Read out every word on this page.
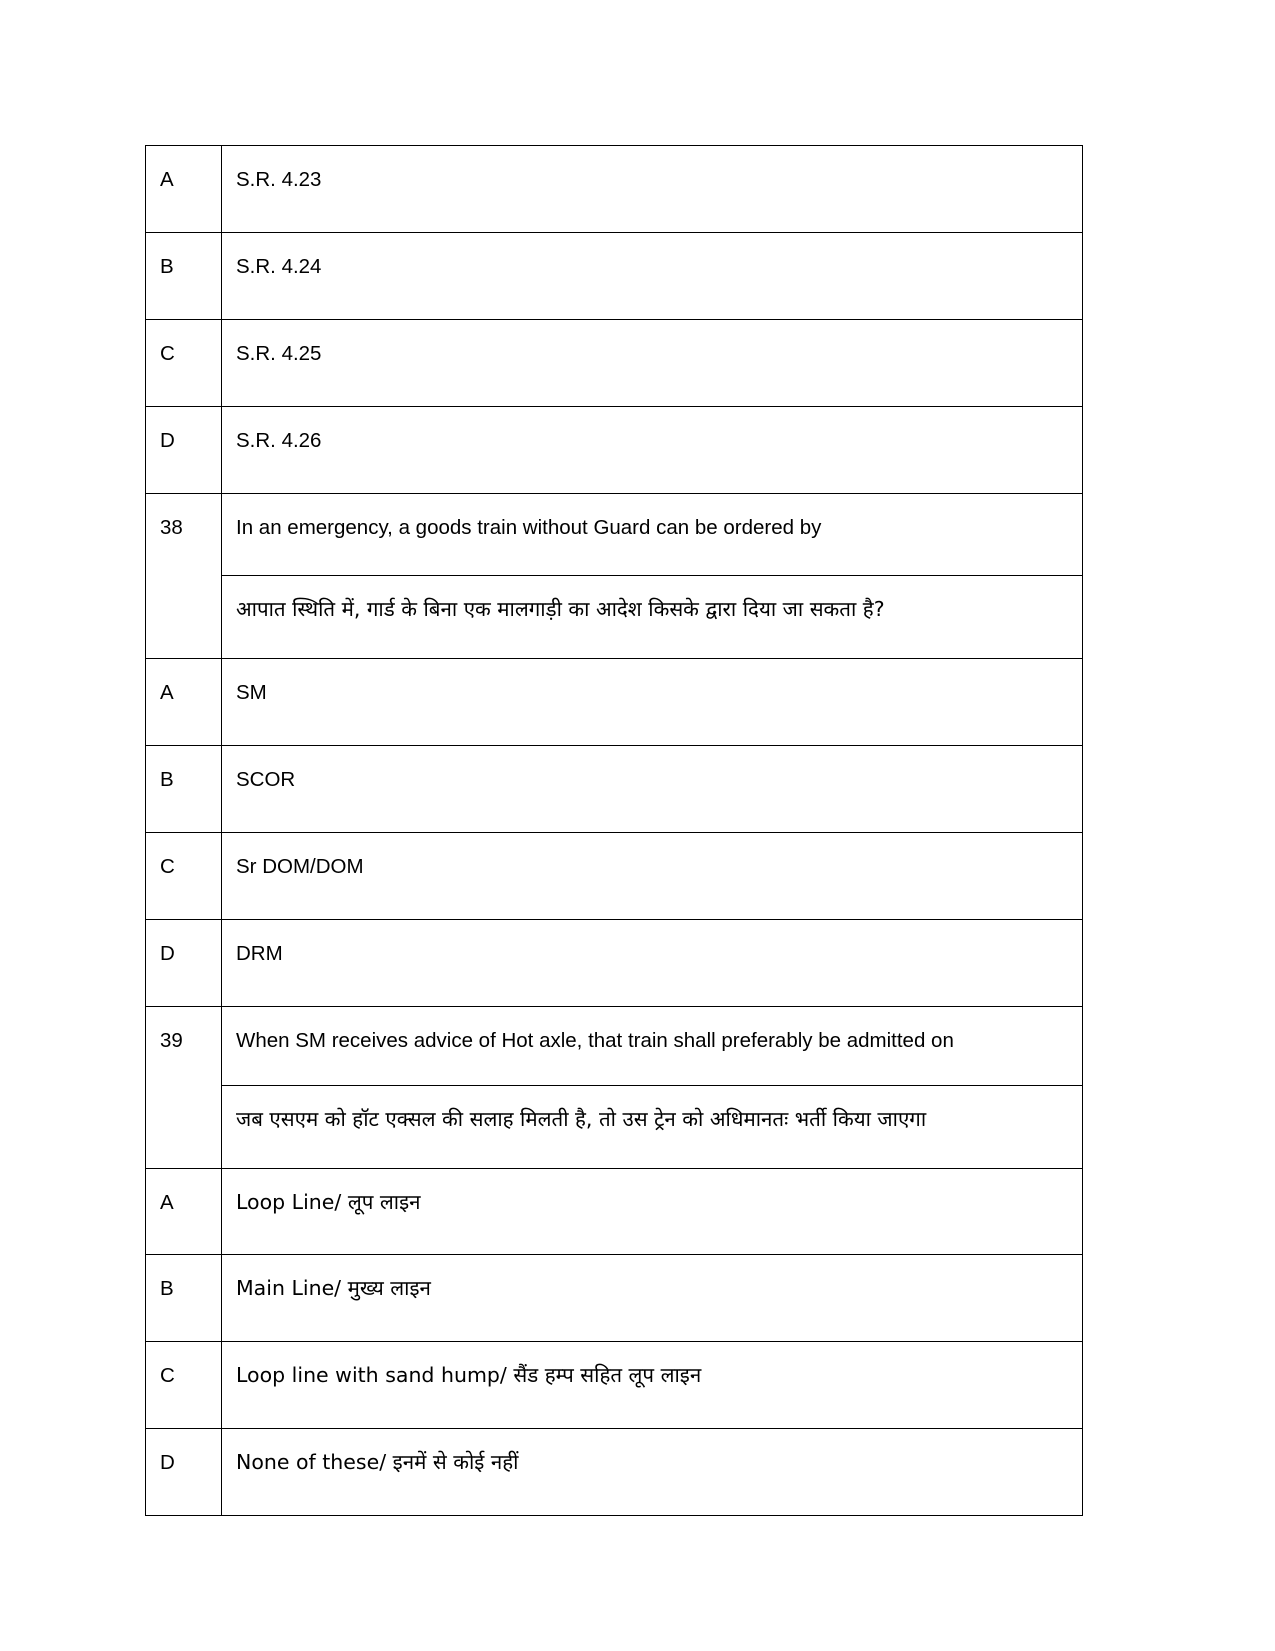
A	S.R. 4.23
B	S.R. 4.24
C	S.R. 4.25
D	S.R. 4.26
38	In an emergency, a goods train without Guard can be ordered by
	आपात स्थिति में, गार्ड के बिना एक मालगाड़ी का आदेश किसके द्वारा दिया जा सकता है?
A	SM
B	SCOR
C	Sr DOM/DOM
D	DRM
39	When SM receives advice of Hot axle, that train shall preferably be admitted on
	जब एसएम को हॉट एक्सल की सलाह मिलती है, तो उस ट्रेन को अधिमानतः भर्ती किया जाएगा
A	Loop Line/ लूप लाइन
B	Main Line/ मुख्य लाइन
C	Loop line with sand hump/ सैंड हम्प सहित लूप लाइन
D	None of these/ इनमें से कोई नहीं
